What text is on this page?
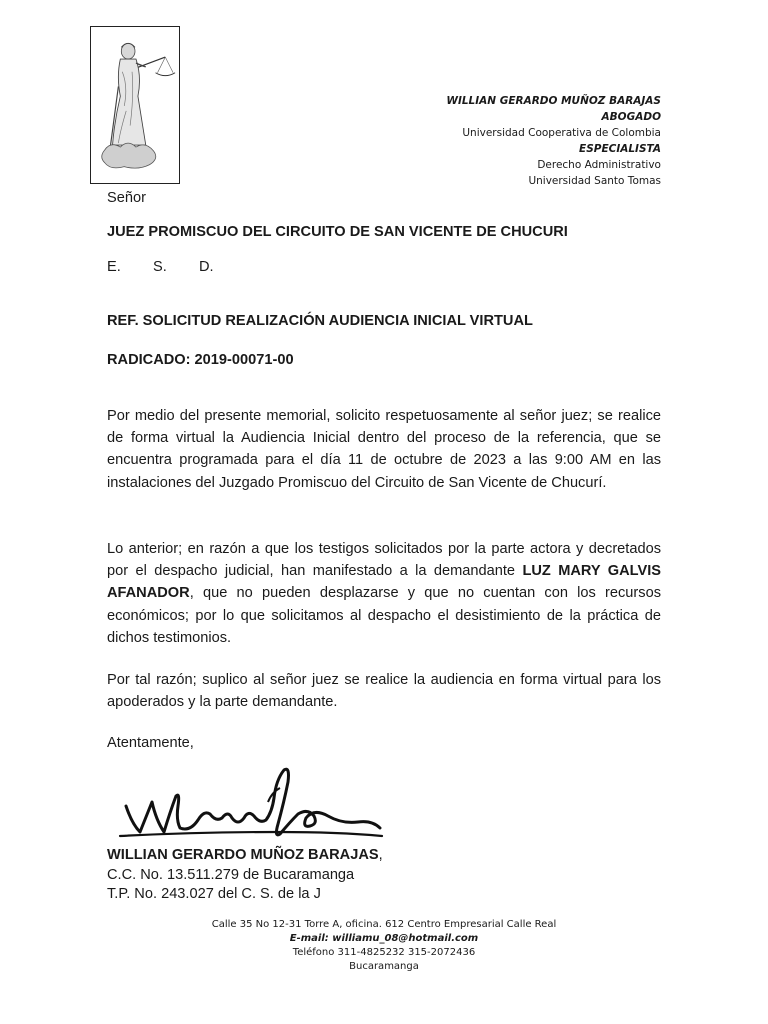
WILLIAN GERARDO MUÑOZ BARAJAS
ABOGADO
Universidad Cooperativa de Colombia
ESPECIALISTA
Derecho Administrativo
Universidad Santo Tomas
Señor
JUEZ PROMISCUO DEL CIRCUITO DE SAN VICENTE DE CHUCURI
E. S. D.
REF. SOLICITUD REALIZACIÓN AUDIENCIA INICIAL VIRTUAL
RADICADO: 2019-00071-00

Por medio del presente memorial, solicito respetuosamente al señor juez; se realice de forma virtual la Audiencia Inicial dentro del proceso de la referencia, que se encuentra programada para el día 11 de octubre de 2023 a las 9:00 AM en las instalaciones del Juzgado Promiscuo del Circuito de San Vicente de Chucurí.

Lo anterior; en razón a que los testigos solicitados por la parte actora y decretados por el despacho judicial, han manifestado a la demandante LUZ MARY GALVIS AFANADOR, que no pueden desplazarse y que no cuentan con los recursos económicos; por lo que solicitamos al despacho el desistimiento de la práctica de dichos testimonios.

Por tal razón; suplico al señor juez se realice la audiencia en forma virtual para los apoderados y la parte demandante.

Atentamente,
WILLIAN GERARDO MUÑOZ BARAJAS,
C.C. No. 13.511.279 de Bucaramanga
T.P. No. 243.027 del C. S. de la J
Calle 35 No 12-31 Torre A, oficina. 612 Centro Empresarial Calle Real
E-mail: williamu_08@hotmail.com
Teléfono 311-4825232 315-2072436
Bucaramanga
